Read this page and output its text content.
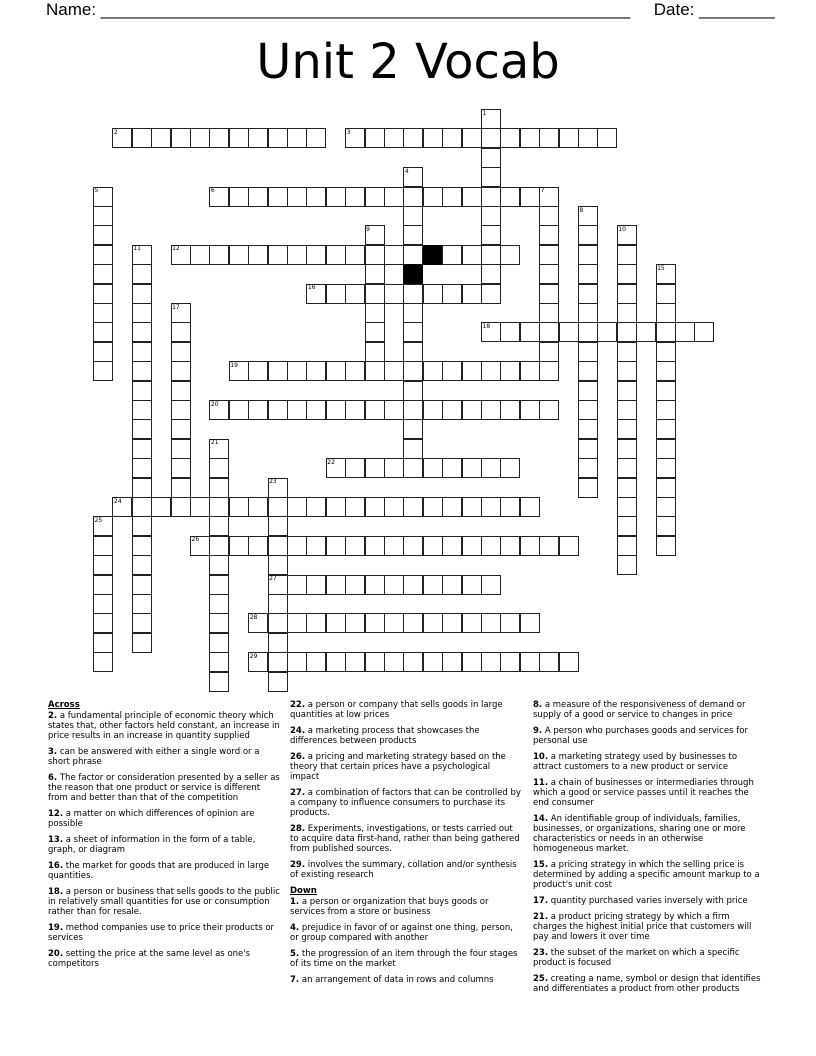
Name: ________________________________________________________ Date: ________
Unit 2 Vocab
1
2	3
4
5	6	7
8
9	10
11	12	13
14	15
16
17
18
19
20
21
22
23
24
25
26
27
28
29
Across
2. a fundamental principle of economic theory which states that, other factors held constant, an increase in price results in an increase in quantity supplied
3. can be answered with either a single word or a short phrase
6. The factor or consideration presented by a seller as the reason that one product or service is different from and better than that of the competition
12. a matter on which differences of opinion are possible
13. a sheet of information in the form of a table, graph, or diagram
16. the market for goods that are produced in large quantities.
18. a person or business that sells goods to the public in relatively small quantities for use or consumption rather than for resale.
19. method companies use to price their products or services
20. setting the price at the same level as one's competitors
22. a person or company that sells goods in large quantities at low prices
24. a marketing process that showcases the differences between products
26. a pricing and marketing strategy based on the theory that certain prices have a psychological impact
27. a combination of factors that can be controlled by a company to influence consumers to purchase its products.
28. Experiments, investigations, or tests carried out to acquire data first-hand, rather than being gathered from published sources.
29. involves the summary, collation and/or synthesis of existing research
Down
1. a person or organization that buys goods or services from a store or business
4. prejudice in favor of or against one thing, person, or group compared with another
5. the progression of an item through the four stages of its time on the market
7. an arrangement of data in rows and columns
8. a measure of the responsiveness of demand or supply of a good or service to changes in price
9. A person who purchases goods and services for personal use
10. a marketing strategy used by businesses to attract customers to a new product or service
11. a chain of businesses or intermediaries through which a good or service passes until it reaches the end consumer
14. An identifiable group of individuals, families, businesses, or organizations, sharing one or more characteristics or needs in an otherwise homogeneous market.
15. a pricing strategy in which the selling price is determined by adding a specific amount markup to a product's unit cost
17. quantity purchased varies inversely with price
21. a product pricing strategy by which a firm charges the highest initial price that customers will pay and lowers it over time
23. the subset of the market on which a specific product is focused
25. creating a name, symbol or design that identifies and differentiates a product from other products
